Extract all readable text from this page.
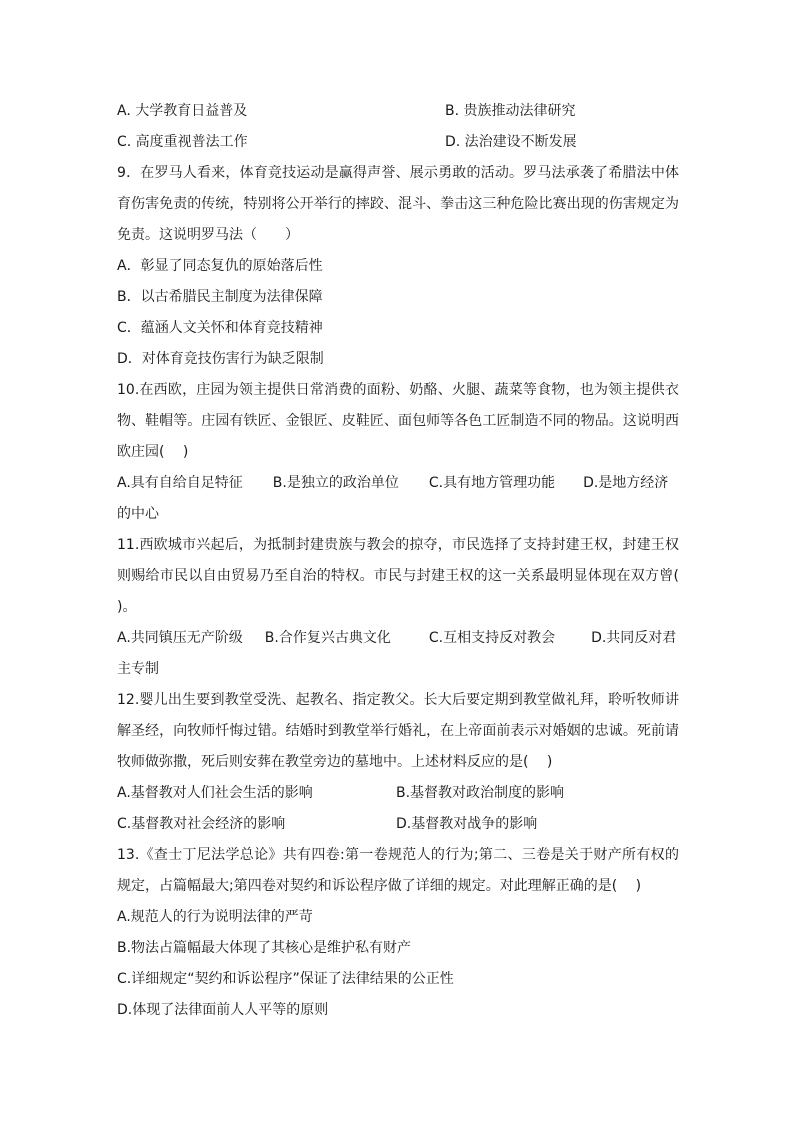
A. 大学教育日益普及	B. 贵族推动法律研究
C. 高度重视普法工作	D. 法治建设不断发展

9．在罗马人看来，体育竞技运动是赢得声誉、展示勇敢的活动。罗马法承袭了希腊法中体育伤害免责的传统，特别将公开举行的摔跤、混斗、拳击这三种危险比赛出现的伤害规定为免责。这说明罗马法（　　）

A．彰显了同态复仇的原始落后性

B．以古希腊民主制度为法律保障

C．蕴涵人文关怀和体育竞技精神

D．对体育竞技伤害行为缺乏限制

10.在西欧，庄园为领主提供日常消费的面粉、奶酪、火腿、蔬菜等食物，也为领主提供衣物、鞋帽等。庄园有铁匠、金银匠、皮鞋匠、面包师等各色工匠制造不同的物品。这说明西欧庄园(　 )

A.具有自给自足特征 B.是独立的政治单位 C.具有地方管理功能 D.是地方经济的中心

11.西欧城市兴起后，为抵制封建贵族与教会的掠夺，市民选择了支持封建王权，封建王权则赐给市民以自由贸易乃至自治的特权。市民与封建王权的这一关系最明显体现在双方曾(　 )。

A.共同镇压无产阶级 B.合作复兴古典文化	C.互相支持反对教会	D.共同反对君主专制

12.婴儿出生要到教堂受洗、起教名、指定教父。长大后要定期到教堂做礼拜，聆听牧师讲解圣经，向牧师忏悔过错。结婚时到教堂举行婚礼，在上帝面前表示对婚姻的忠诚。死前请牧师做弥撒，死后则安葬在教堂旁边的墓地中。上述材料反应的是(　 )

A.基督教对人们社会生活的影响	B.基督教对政治制度的影响
C.基督教对社会经济的影响	D.基督教对战争的影响

13.《查士丁尼法学总论》共有四卷:第一卷规范人的行为;第二、三卷是关于财产所有权的规定，占篇幅最大;第四卷对契约和诉讼程序做了详细的规定。对此理解正确的是(　 )

A.规范人的行为说明法律的严苛

B.物法占篇幅最大体现了其核心是维护私有财产

C.详细规定“契约和诉讼程序”保证了法律结果的公正性

D.体现了法律面前人人平等的原则
